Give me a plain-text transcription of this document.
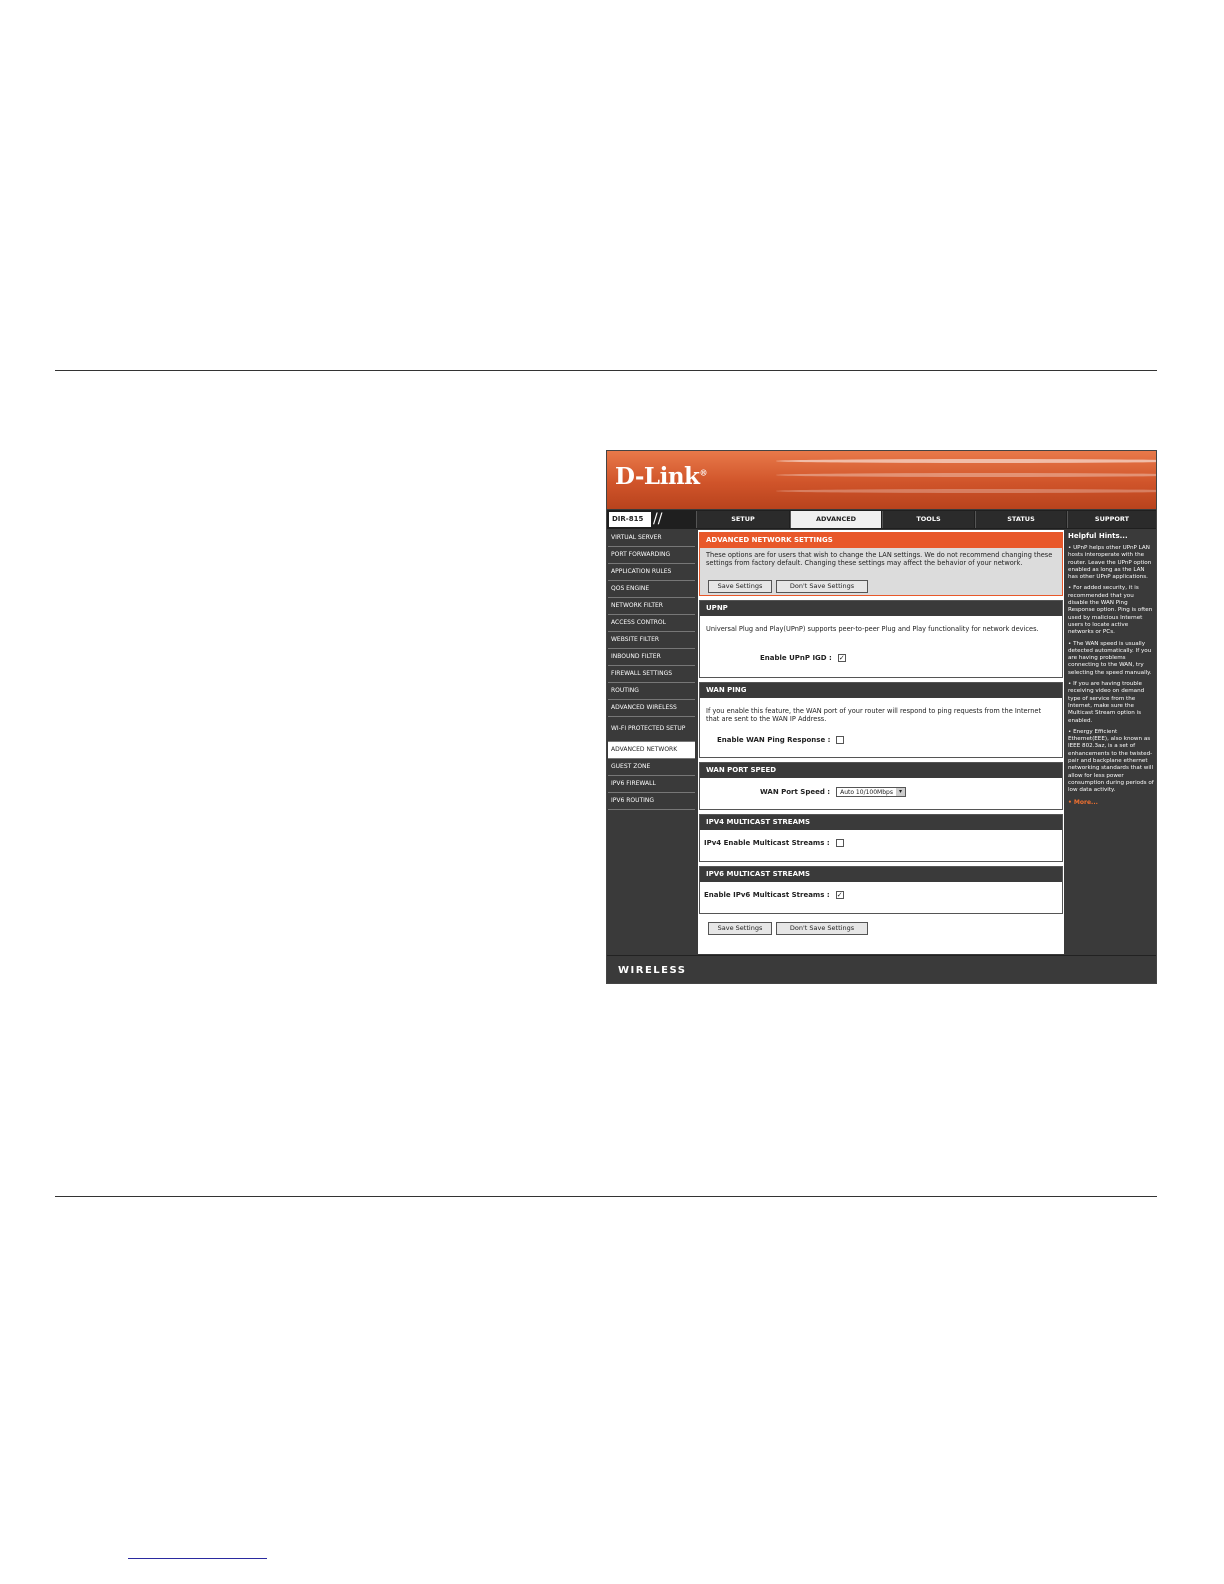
D-Link®
DIR-815 //	SETUP	ADVANCED	TOOLS	STATUS	SUPPORT
VIRTUAL SERVER
PORT FORWARDING
APPLICATION RULES
QOS ENGINE
NETWORK FILTER
ACCESS CONTROL
WEBSITE FILTER
INBOUND FILTER
FIREWALL SETTINGS
ROUTING
ADVANCED WIRELESS
WI-FI PROTECTED SETUP
ADVANCED NETWORK
GUEST ZONE
IPV6 FIREWALL
IPV6 ROUTING
ADVANCED NETWORK SETTINGS
These options are for users that wish to change the LAN settings. We do not recommend changing these settings from factory default. Changing these settings may affect the behavior of your network.
Save Settings	Don't Save Settings
UPNP
Universal Plug and Play(UPnP) supports peer-to-peer Plug and Play functionality for network devices.
Enable UPnP IGD : ✓
WAN PING
If you enable this feature, the WAN port of your router will respond to ping requests from the Internet that are sent to the WAN IP Address.
Enable WAN Ping Response :
WAN PORT SPEED
WAN Port Speed :	Auto 10/100Mbps ▾
IPV4 MULTICAST STREAMS
IPv4 Enable Multicast Streams :
IPV6 MULTICAST STREAMS
Enable IPv6 Multicast Streams : ✓
Save Settings	Don't Save Settings
Helpful Hints...
• UPnP helps other UPnP LAN hosts interoperate with the router. Leave the UPnP option enabled as long as the LAN has other UPnP applications.
• For added security, it is recommended that you disable the WAN Ping Response option. Ping is often used by malicious Internet users to locate active networks or PCs.
• The WAN speed is usually detected automatically. If you are having problems connecting to the WAN, try selecting the speed manually.
• If you are having trouble receiving video on demand type of service from the Internet, make sure the Multicast Stream option is enabled.
• Energy Efficient Ethernet(EEE), also known as IEEE 802.3az, is a set of enhancements to the twisted-pair and backplane ethernet networking standards that will allow for less power consumption during periods of low data activity.
• More...
WIRELESS
